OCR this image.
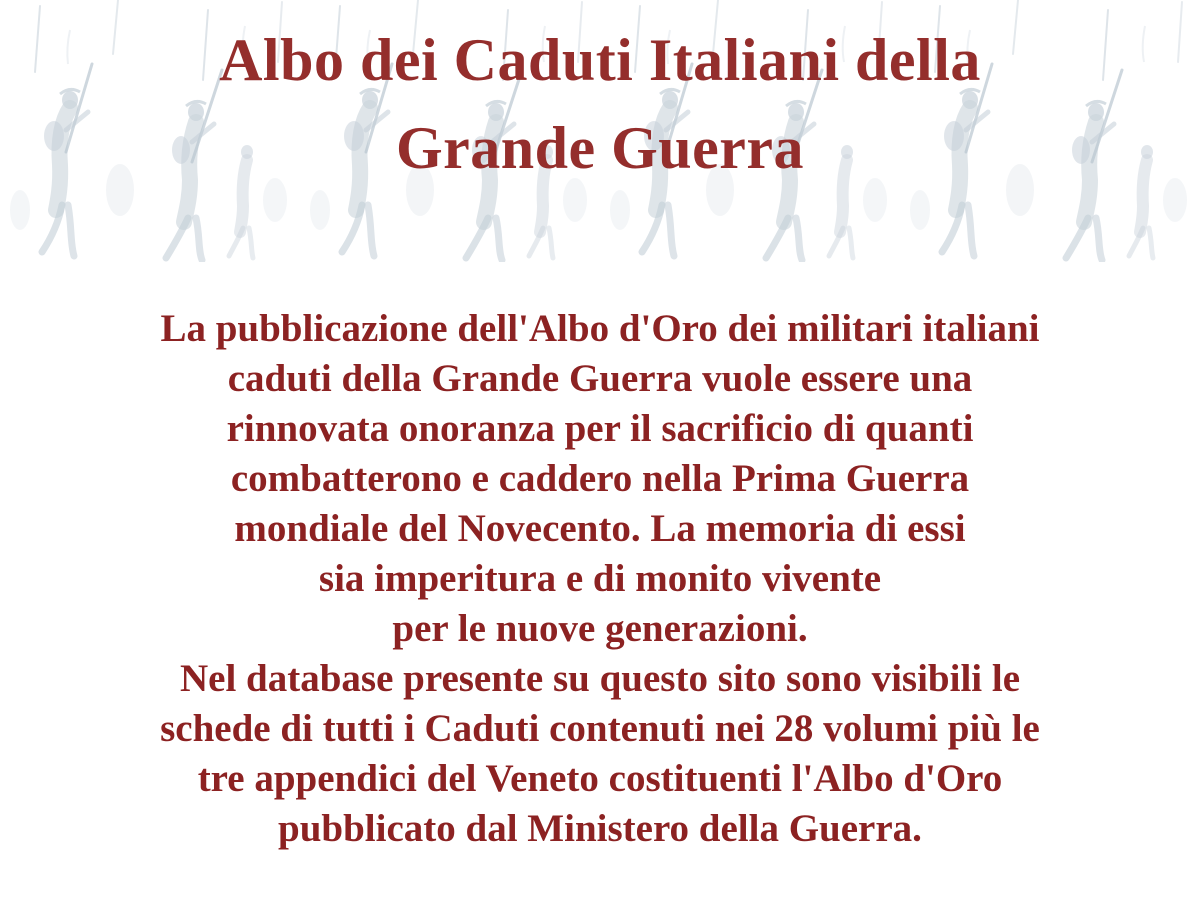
Albo dei Caduti Italiani della
Grande Guerra
La pubblicazione dell'Albo d'Oro dei militari italiani
caduti della Grande Guerra vuole essere una
rinnovata onoranza per il sacrificio di quanti
combatterono e caddero nella Prima Guerra
mondiale del Novecento. La memoria di essi
sia imperitura e di monito vivente
per le nuove generazioni.
Nel database presente su questo sito sono visibili le
schede di tutti i Caduti contenuti nei 28 volumi più le
tre appendici del Veneto costituenti l'Albo d'Oro
pubblicato dal Ministero della Guerra.
